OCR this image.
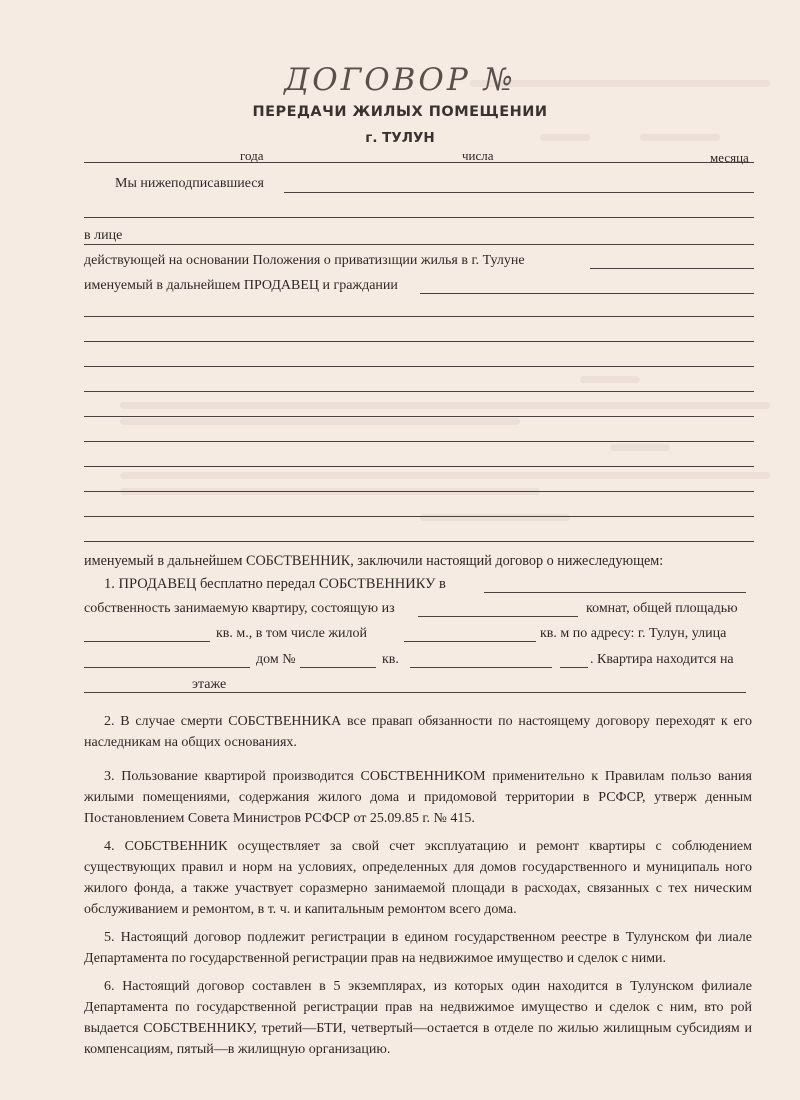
ДОГОВОР №
ПЕРЕДАЧИ ЖИЛЫХ ПОМЕЩЕНИИ
г. ТУЛУН
года	числа	месяца
Мы нижеподписавшиеся
в лице
действующей на основании Положения о приватизıщии жилья в г. Тулуне
именуемый в дальнейшем ПРОДАВЕЦ и граждании
именуемый в дальнейшем СОБСТВЕННИК, заключили настоящий договор о нижеследующем:
1. ПРОДАВЕЦ бесплатно передал СОБСТВЕННИКУ в
собственность занимаемую квартиру, состоящую из	комнат, общей площадью
кв. м., в том числе жилой	кв. м по адресу: г. Тулун, улица
дом №	кв.	. Квартира находится на
этаже
2. В случае смерти СОБСТВЕННИКА все правап обязанности по настоящему договору переходят к его наследникам на общих основаниях.
3. Пользование квартирой производится СОБСТВЕННИКОМ применительно к Правилам пользо вания жилыми помещениями, содержания жилого дома и придомовой территории в РСФСР, утверж денным Постановлением Совета Министров РСФСР от 25.09.85 г. № 415.
4. СОБСТВЕННИК осуществляет за свой счет эксплуатацию и ремонт квартиры с соблюдением существующих правил и норм на условиях, определенных для домов государственного и муниципаль ного жилого фонда, а также участвует соразмерно занимаемой площади в расходах, связанных с тех ническим обслуживанием и ремонтом, в т. ч. и капитальным ремонтом всего дома.
5. Настоящий договор подлежит регистрации в едином государственном реестре в Тулунском фи лиале Департамента по государственной регистрации прав на недвижимое имущество и сделок с ними.
6. Настоящий договор составлен в 5 экземплярах, из которых один находится в Тулунском филиале Департамента по государственной регистрации прав на недвижимое имущество и сделок с ним, вто рой выдается СОБСТВЕННИКУ, третий—БТИ, четвертый—остается в отделе по жилью жилищным субсидиям и компенсациям, пятый—в жилищную организацию.
